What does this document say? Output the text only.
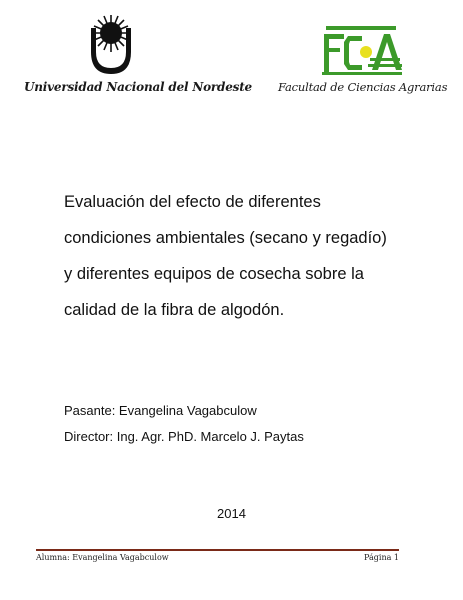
Universidad Nacional del Nordeste Facultad de Ciencias Agrarias
Evaluación del efecto de diferentes
condiciones ambientales (secano y regadío)
y diferentes equipos de cosecha sobre la
calidad de la fibra de algodón.
Pasante: Evangelina Vagabculow
Director: Ing. Agr. PhD. Marcelo J. Paytas
2014
Alumna: Evangelina Vagabculow	Página 1
